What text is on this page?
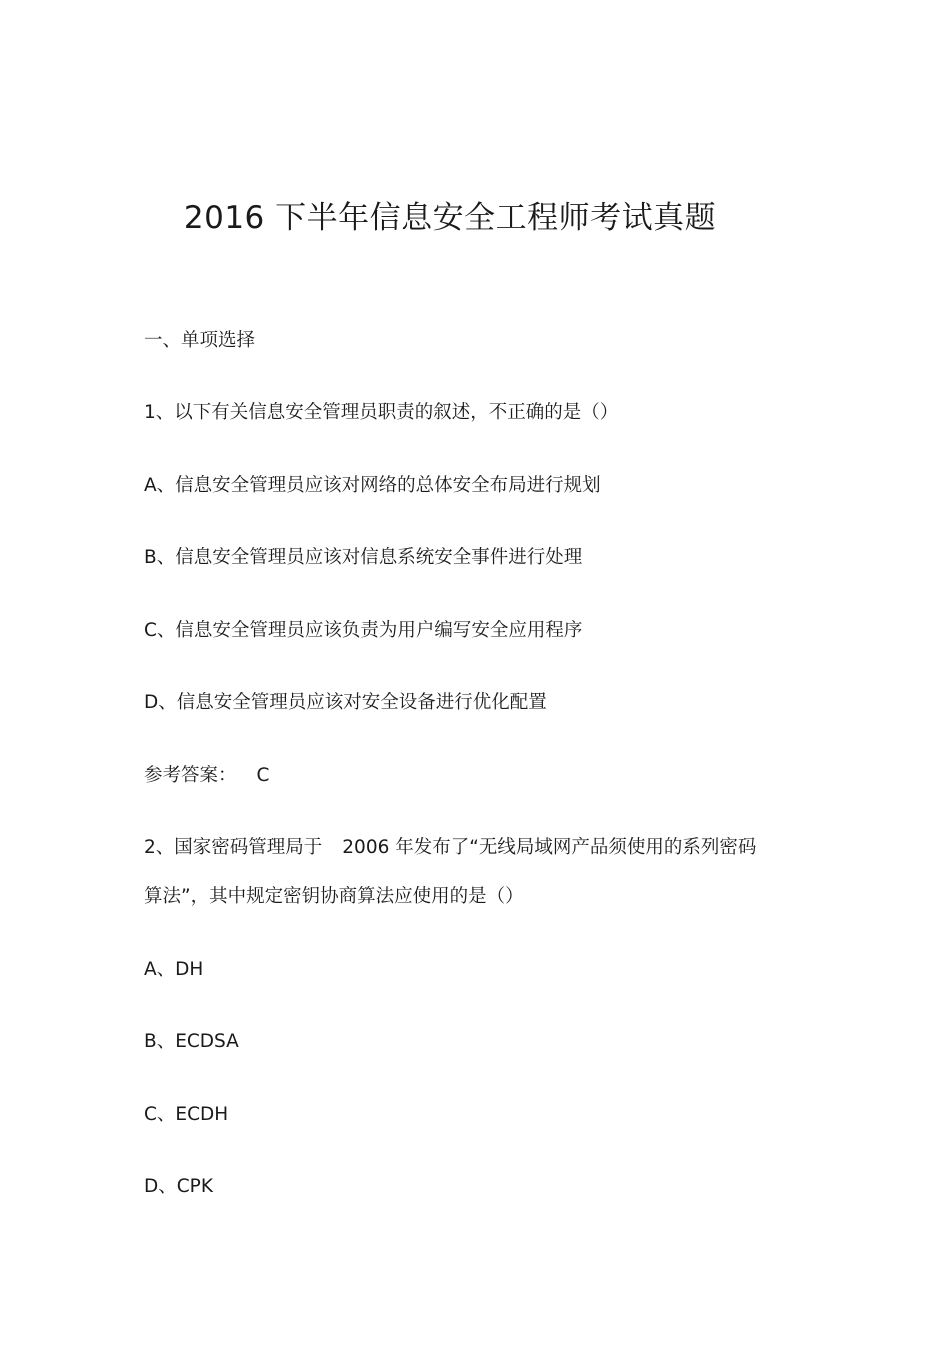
2016 下半年信息安全工程师考试真题
一、单项选择
1、以下有关信息安全管理员职责的叙述，不正确的是（）
A、信息安全管理员应该对网络的总体安全布局进行规划
B、信息安全管理员应该对信息系统安全事件进行处理
C、信息安全管理员应该负责为用户编写安全应用程序
D、信息安全管理员应该对安全设备进行优化配置
参考答案： C
2、国家密码管理局于 2006 年发布了“无线局域网产品须使用的系列密码
算法”，其中规定密钥协商算法应使用的是（）
A、DH
B、ECDSA
C、ECDH
D、CPK
